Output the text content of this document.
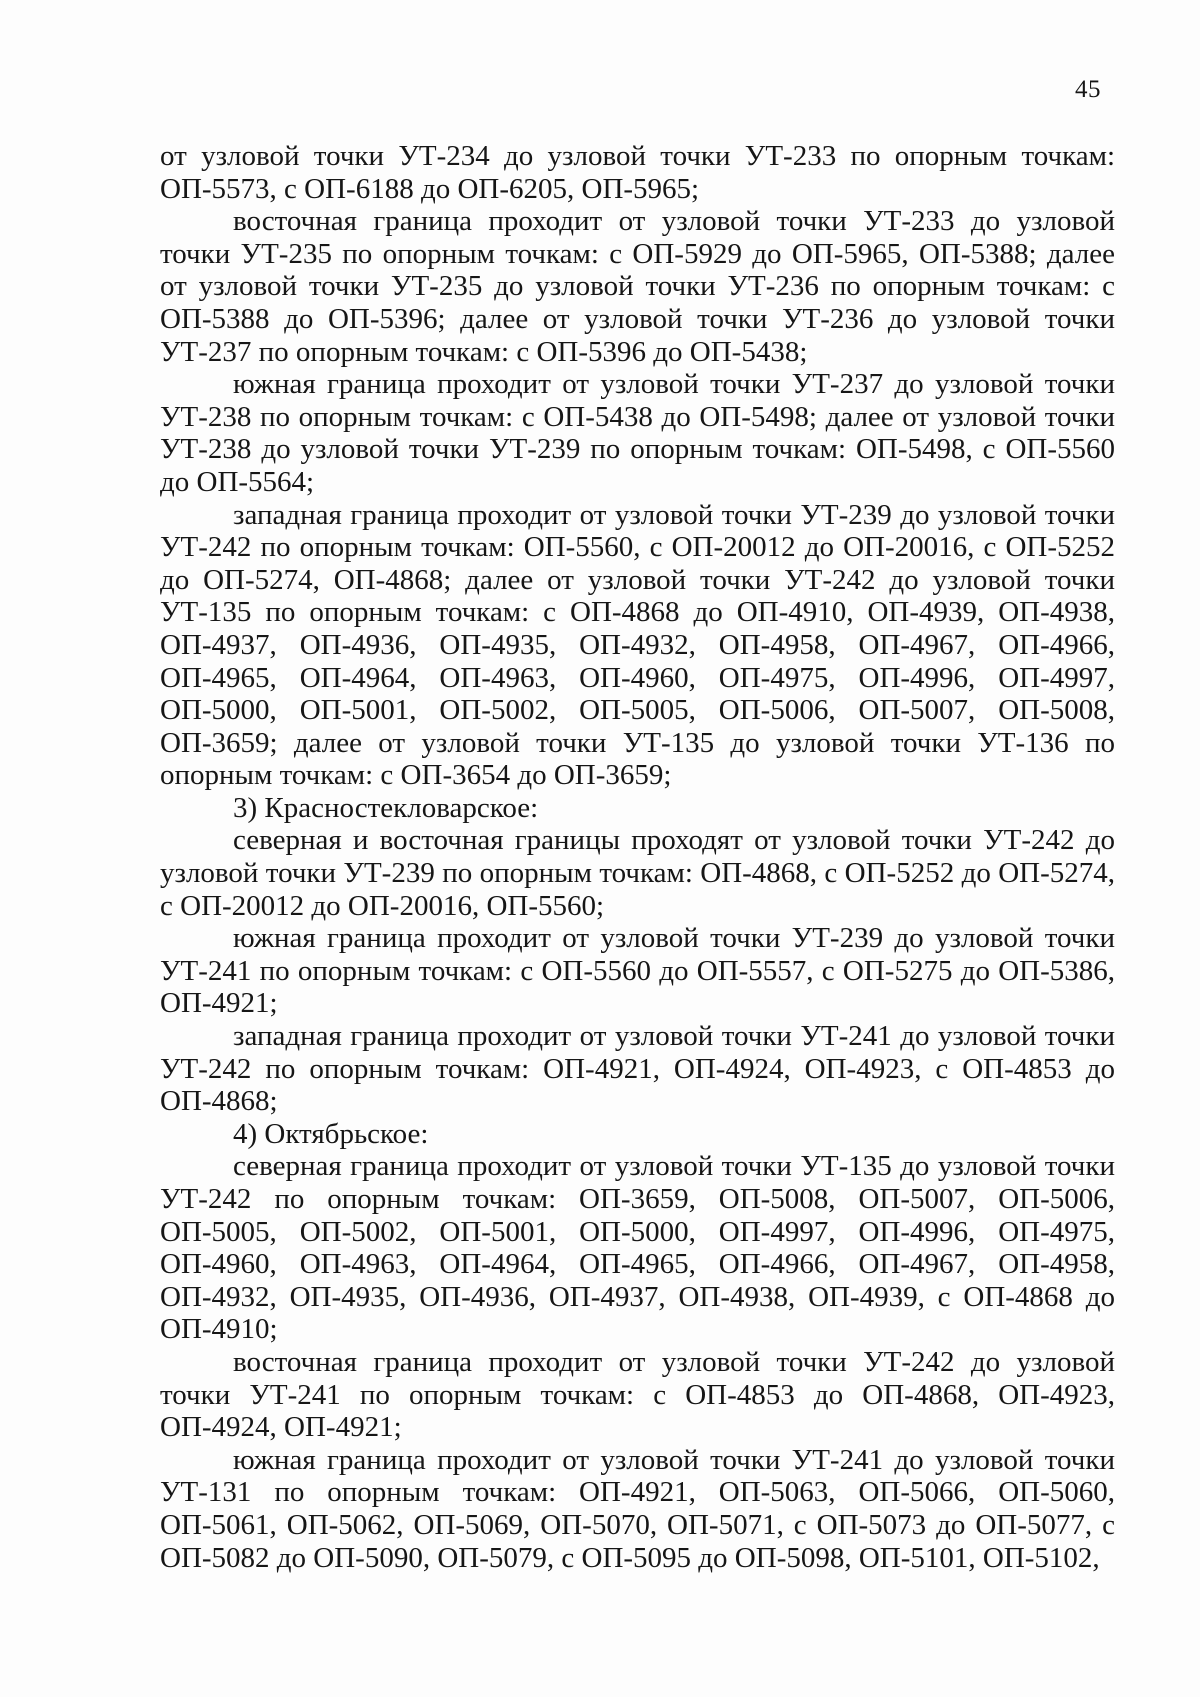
45

от узловой точки УТ-234 до узловой точки УТ-233 по опорным точкам: ОП-5573, с ОП-6188 до ОП-6205, ОП-5965;

восточная граница проходит от узловой точки УТ-233 до узловой точки УТ-235 по опорным точкам: с ОП-5929 до ОП-5965, ОП-5388; далее от узловой точки УТ-235 до узловой точки УТ-236 по опорным точкам: с ОП-5388 до ОП-5396; далее от узловой точки УТ-236 до узловой точки УТ-237 по опорным точкам: с ОП-5396 до ОП-5438;

южная граница проходит от узловой точки УТ-237 до узловой точки УТ-238 по опорным точкам: с ОП-5438 до ОП-5498; далее от узловой точки УТ-238 до узловой точки УТ-239 по опорным точкам: ОП-5498, с ОП-5560 до ОП-5564;

западная граница проходит от узловой точки УТ-239 до узловой точки УТ-242 по опорным точкам: ОП-5560, с ОП-20012 до ОП-20016, с ОП-5252 до ОП-5274, ОП-4868; далее от узловой точки УТ-242 до узловой точки УТ-135 по опорным точкам: с ОП-4868 до ОП-4910, ОП-4939, ОП-4938, ОП-4937, ОП-4936, ОП-4935, ОП-4932, ОП-4958, ОП-4967, ОП-4966, ОП-4965, ОП-4964, ОП-4963, ОП-4960, ОП-4975, ОП-4996, ОП-4997, ОП-5000, ОП-5001, ОП-5002, ОП-5005, ОП-5006, ОП-5007, ОП-5008, ОП-3659; далее от узловой точки УТ-135 до узловой точки УТ-136 по опорным точкам: с ОП-3654 до ОП-3659;

3) Красностекловарское:

северная и восточная границы проходят от узловой точки УТ-242 до узловой точки УТ-239 по опорным точкам: ОП-4868, с ОП-5252 до ОП-5274, с ОП-20012 до ОП-20016, ОП-5560;

южная граница проходит от узловой точки УТ-239 до узловой точки УТ-241 по опорным точкам: с ОП-5560 до ОП-5557, с ОП-5275 до ОП-5386, ОП-4921;

западная граница проходит от узловой точки УТ-241 до узловой точки УТ-242 по опорным точкам: ОП-4921, ОП-4924, ОП-4923, с ОП-4853 до ОП-4868;

4) Октябрьское:

северная граница проходит от узловой точки УТ-135 до узловой точки УТ-242 по опорным точкам: ОП-3659, ОП-5008, ОП-5007, ОП-5006, ОП-5005, ОП-5002, ОП-5001, ОП-5000, ОП-4997, ОП-4996, ОП-4975, ОП-4960, ОП-4963, ОП-4964, ОП-4965, ОП-4966, ОП-4967, ОП-4958, ОП-4932, ОП-4935, ОП-4936, ОП-4937, ОП-4938, ОП-4939, с ОП-4868 до ОП-4910;

восточная граница проходит от узловой точки УТ-242 до узловой точки УТ-241 по опорным точкам: с ОП-4853 до ОП-4868, ОП-4923, ОП-4924, ОП-4921;

южная граница проходит от узловой точки УТ-241 до узловой точки УТ-131 по опорным точкам: ОП-4921, ОП-5063, ОП-5066, ОП-5060, ОП-5061, ОП-5062, ОП-5069, ОП-5070, ОП-5071, с ОП-5073 до ОП-5077, с ОП-5082 до ОП-5090, ОП-5079, с ОП-5095 до ОП-5098, ОП-5101, ОП-5102,
